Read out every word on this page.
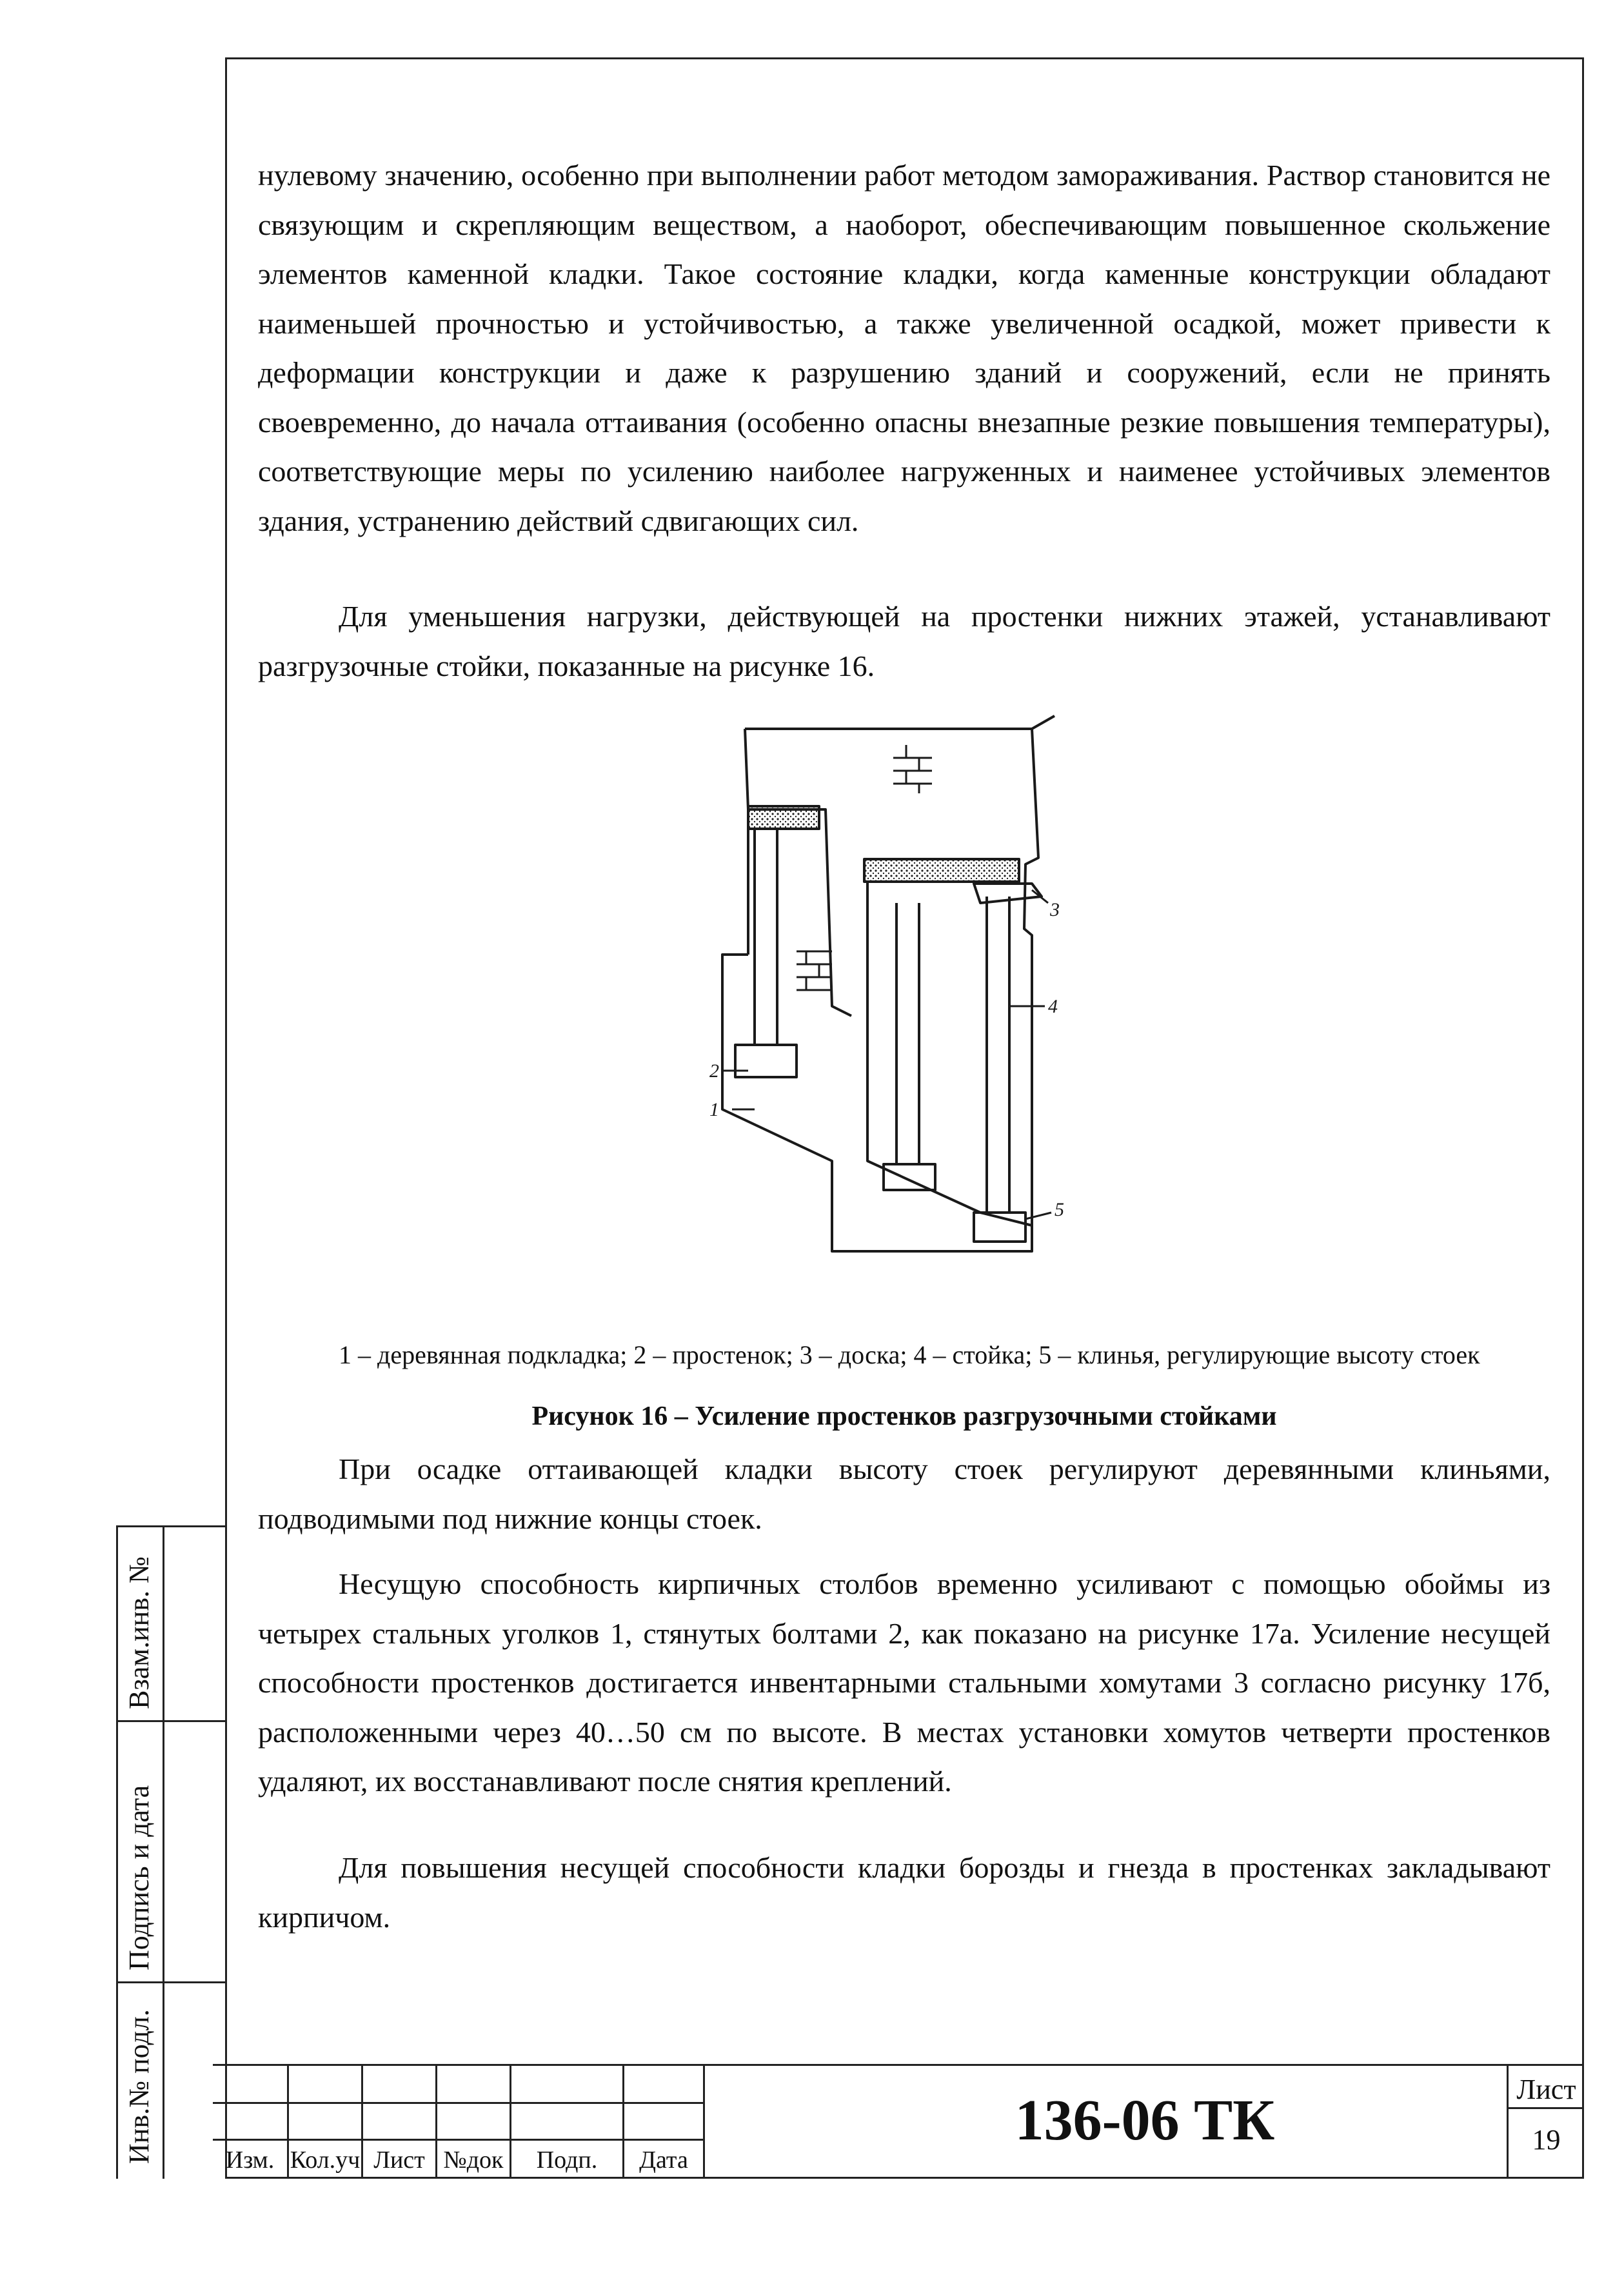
Взам.инв. №
Подпись и дата
Инв.№ подл.

нулевому значению, особенно при выполнении работ методом замораживания. Раствор становится не связующим и скрепляющим веществом, а наоборот, обеспечивающим повышенное скольжение элементов каменной кладки. Такое состояние кладки, когда каменные конструкции обладают наименьшей прочностью и устойчивостью, а также увеличенной осадкой, может привести к деформации конструкции и даже к разрушению зданий и сооружений, если не принять своевременно, до начала оттаивания (особенно опасны внезапные резкие повышения температуры), соответствующие меры по усилению наиболее нагруженных и наименее устойчивых элементов здания, устранению действий сдвигающих сил.

Для уменьшения нагрузки, действующей на простенки нижних этажей, устанавливают разгрузочные стойки, показанные на рисунке 16.

1
2
3
4
5
1 – деревянная подкладка; 2 – простенок; 3 – доска; 4 – стойка; 5 – клинья, регулирующие высоту стоек
Рисунок 16 – Усиление простенков разгрузочными стойками

При осадке оттаивающей кладки высоту стоек регулируют деревянными клиньями, подводимыми под нижние концы стоек.

Несущую способность кирпичных столбов временно усиливают с помощью обоймы из четырех стальных уголков 1, стянутых болтами 2, как показано на рисунке 17а. Усиление несущей способности простенков достигается инвентарными стальными хомутами 3 согласно рисунку 17б, расположенными через 40…50 см по высоте. В местах установки хомутов четверти простенков удаляют, их восстанавливают после снятия креплений.

Для повышения несущей способности кладки борозды и гнезда в простенках закладывают кирпичом.

Изм. Кол.уч Лист №док	Подп.	Дата
136-06 ТК	Лист
19
